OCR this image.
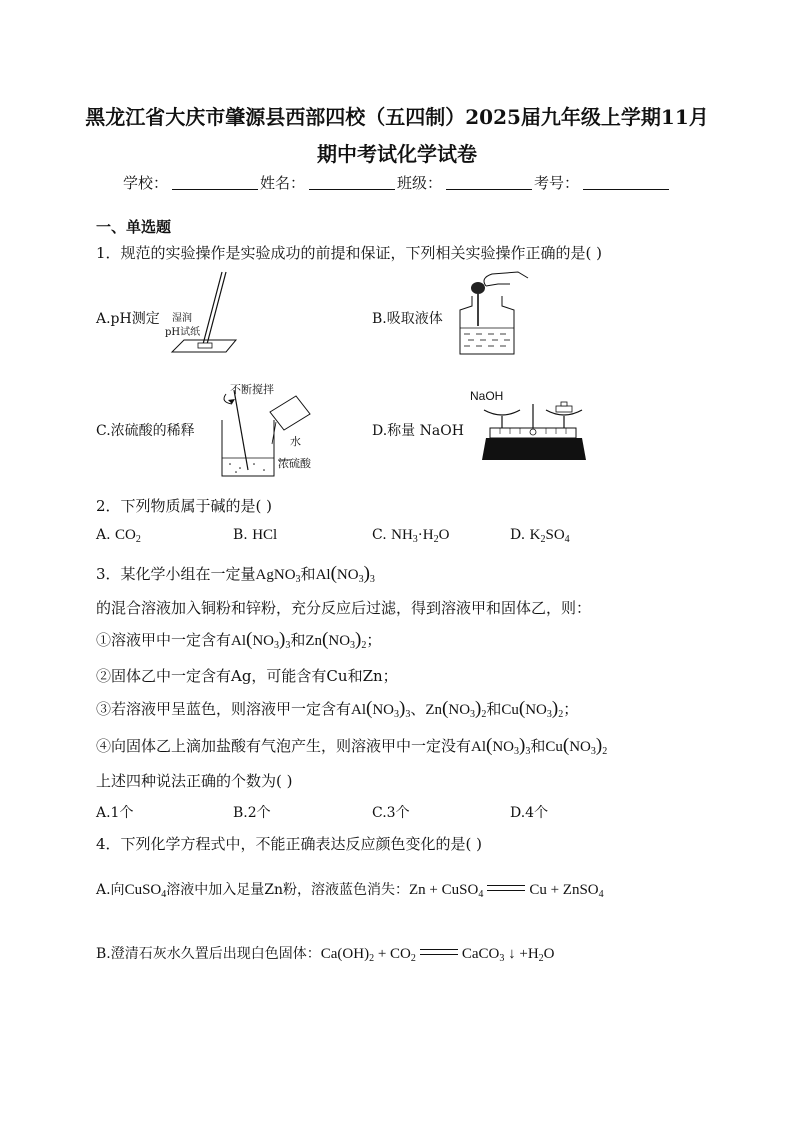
黑龙江省大庆市肇源县西部四校（五四制）2025届九年级上学期11月
期中考试化学试卷
学校：	姓名：	班级：	考号：
一、单选题
1．规范的实验操作是实验成功的前提和保证，下列相关实验操作正确的是( )
A.pH测定 湿润
pH试纸
B.吸取液体
C.浓硫酸的稀释
不断搅拌
水
浓硫酸
D.称量 NaOH
NaOH
2．下列物质属于碱的是( )
A. $CO_2$	B. HCl	C. $NH_3\cdot H_2O$	D. $K_2SO_4$
3．某化学小组在一定量AgNO$_3$和$Al(NO_3)_3$
的混合溶液加入铜粉和锌粉，充分反应后过滤，得到溶液甲和固体乙，则：
①溶液甲中一定含有$Al(NO_3)_3$和$Zn(NO_3)_2$；
②固体乙中一定含有Ag，可能含有Cu和Zn；
③若溶液甲呈蓝色，则溶液甲一定含有$Al(NO_3)_3$、$Zn(NO_3)_2$和$Cu(NO_3)_2$；
④向固体乙上滴加盐酸有气泡产生，则溶液甲中一定没有$Al(NO_3)_3$和$Cu(NO_3)_2$
上述四种说法正确的个数为( )
A.1个	B.2个	C.3个	D.4个
4．下列化学方程式中，不能正确表达反应颜色变化的是( )
A.向CuSO$_4$溶液中加入足量Zn粉，溶液蓝色消失：Zn + CuSO$_4$	Cu + ZnSO$_4$
B.澄清石灰水久置后出现白色固体：$Ca(OH)_2 + CO_2$	CaCO$_3$ ↓ $+H_2O$
